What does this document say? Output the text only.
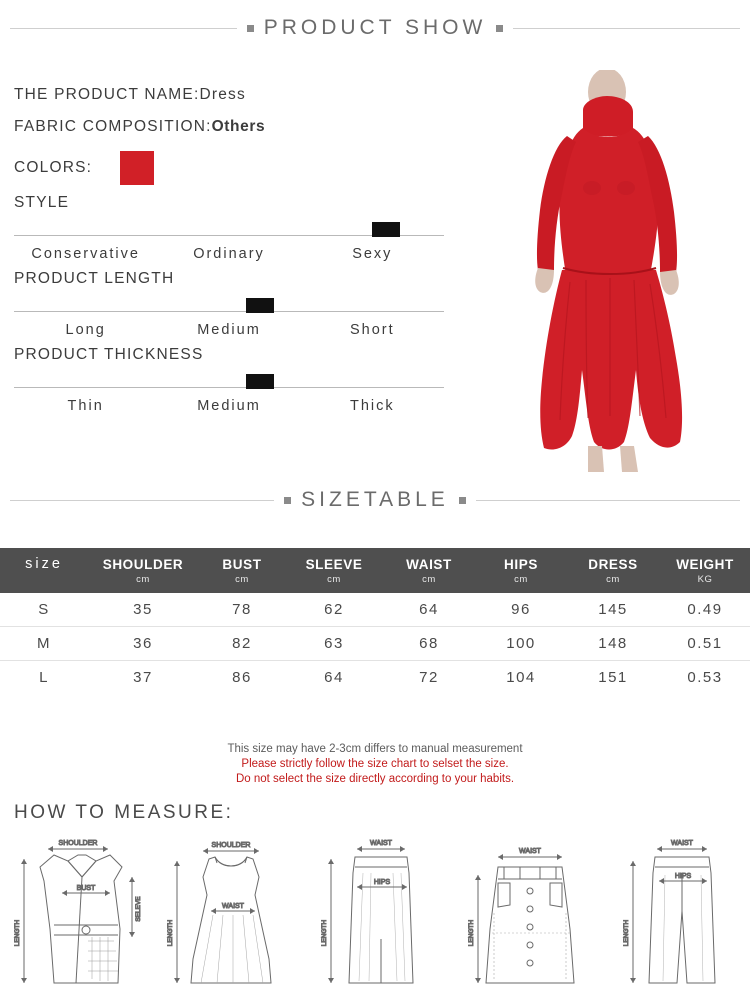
PRODUCT SHOW
THE PRODUCT NAME:Dress
FABRIC COMPOSITION:Others
COLORS:
STYLE
Conservative	Ordinary	Sexy
PRODUCT LENGTH
Long	Medium	Short
PRODUCT THICKNESS
Thin	Medium	Thick
SIZETABLE
size	SHOULDER	BUST	SLEEVE	WAIST	HIPS	DRESS	WEIGHT
	cm	cm	cm	cm	cm	cm	KG
S	35	78	62	64	96	145	0.49
M	36	82	63	68	100	148	0.51
L	37	86	64	72	104	151	0.53
This size may have 2-3cm differs to manual measurement
Please strictly follow the size chart to selset the size.
Do not select the size directly according to your habits.
HOW TO MEASURE:
SHOULDER
LENGTH
BUST
SELEVE
SHOULDER
LENGTH
WAIST
WAIST
LENGTH
HIPS
WAIST
LENGTH
WAIST
LENGTH
HIPS
